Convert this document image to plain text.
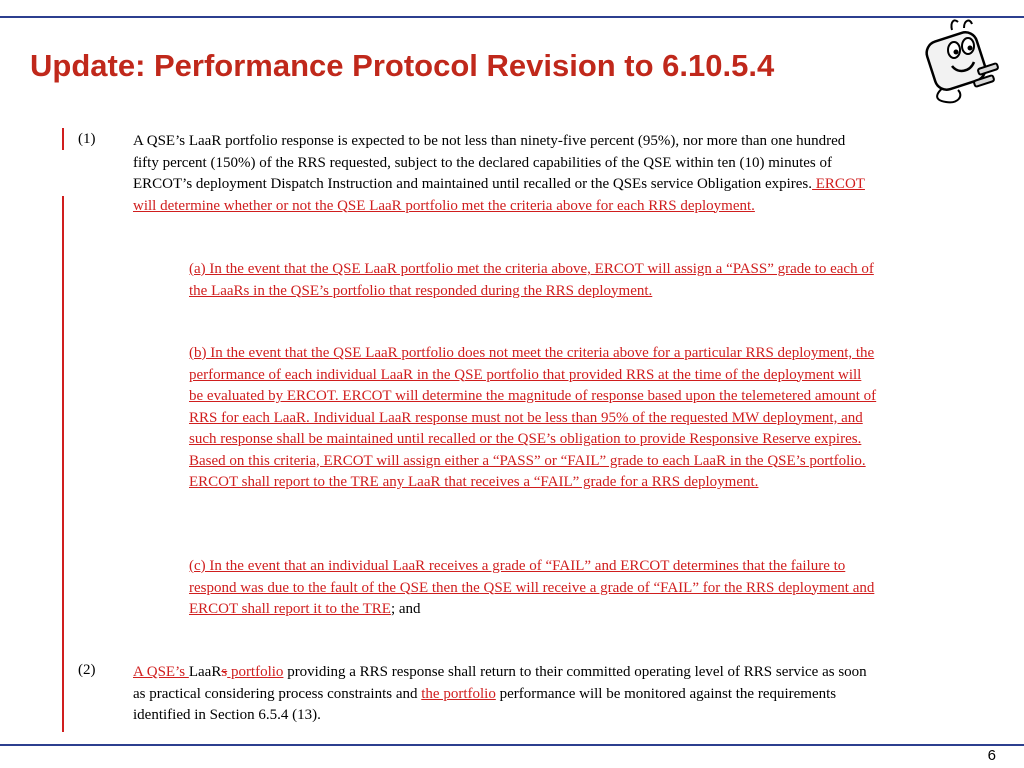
Update: Performance Protocol Revision to 6.10.5.4
(1)	A QSE’s LaaR portfolio response is expected to be not less than ninety-five percent (95%), nor more than one hundred fifty percent (150%) of the RRS requested, subject to the declared capabilities of the QSE within ten (10) minutes of ERCOT’s deployment Dispatch Instruction and maintained until recalled or the QSEs service Obligation expires. ERCOT will determine whether or not the QSE LaaR portfolio met the criteria above for each RRS deployment.
(a) In the event that the QSE LaaR portfolio met the criteria above, ERCOT will assign a “PASS” grade to each of the LaaRs in the QSE’s portfolio that responded during the RRS deployment.
(b) In the event that the QSE LaaR portfolio does not meet the criteria above for a particular RRS deployment, the performance of each individual LaaR in the QSE portfolio that provided RRS at the time of the deployment will be evaluated by ERCOT. ERCOT will determine the magnitude of response based upon the telemetered amount of RRS for each LaaR. Individual LaaR response must not be less than 95% of the requested MW deployment, and such response shall be maintained until recalled or the QSE’s obligation to provide Responsive Reserve expires. Based on this criteria, ERCOT will assign either a “PASS” or “FAIL” grade to each LaaR in the QSE’s portfolio. ERCOT shall report to the TRE any LaaR that receives a “FAIL” grade for a RRS deployment.
(c) In the event that an individual LaaR receives a grade of “FAIL” and ERCOT determines that the failure to respond was due to the fault of the QSE then the QSE will receive a grade of “FAIL” for the RRS deployment and ERCOT shall report it to the TRE; and
(2)	A QSE’s LaaRs portfolio providing a RRS response shall return to their committed operating level of RRS service as soon as practical considering process constraints and the portfolio performance will be monitored against the requirements identified in Section 6.5.4 (13).
6
